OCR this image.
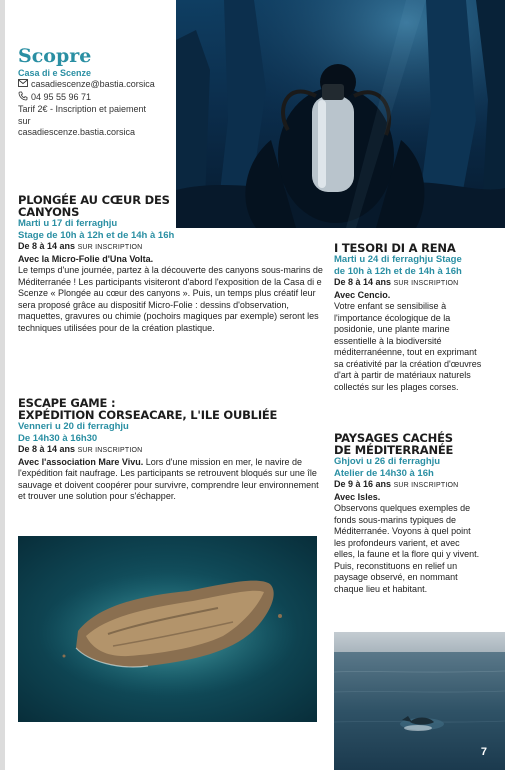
Scopre
Casa di e Scenze
casadiescenze@bastia.corsica
04 95 55 96 71
Tarif 2€ - Inscription et paiement
sur
casadiescenze.bastia.corsica
PLONGÉE AU CŒUR DES CANYONS
Marti u 17 di ferraghju
Stage de 10h à 12h et de 14h à 16h
De 8 à 14 ans SUR INSCRIPTION
Avec la Micro-Folie d'Una Volta.
Le temps d'une journée, partez à la découverte des canyons sous-marins de Méditerranée ! Les participants visiteront d'abord l'exposition de la Casa di e Scenze « Plongée au cœur des canyons ». Puis, un temps plus créatif leur sera proposé grâce au dispositif Micro-Folie : dessins d'observation, maquettes, gravures ou chimie (pochoirs magiques par exemple) seront les techniques utilisées pour de la création plastique.
ESCAPE GAME :
EXPÉDITION CORSEACARE, L'ILE OUBLIÉE
Venneri u 20 di ferraghju
De 14h30 à 16h30
De 8 à 14 ans SUR INSCRIPTION
Avec l'association Mare Vivu. Lors d'une mission en mer, le navire de l'expédition fait naufrage. Les participants se retrouvent bloqués sur une île sauvage et doivent coopérer pour survivre, comprendre leur environnement et trouver une solution pour s'échapper.
I TESORI DI A RENA
Marti u 24 di ferraghju Stage
de 10h à 12h et de 14h à 16h
De 8 à 14 ans SUR INSCRIPTION
Avec Cencio.
Votre enfant se sensibilise à l'importance écologique de la posidonie, une plante marine essentielle à la biodiversité méditerranéenne, tout en exprimant sa créativité par la création d'œuvres d'art à partir de matériaux naturels collectés sur les plages corses.
PAYSAGES CACHÉS
DE MÉDITERRANÉE
Ghjovi u 26 di ferraghju
Atelier de 14h30 à 16h
De 9 à 16 ans SUR INSCRIPTION
Avec Isles.
Observons quelques exemples de fonds sous-marins typiques de Méditerranée. Voyons à quel point les profondeurs varient, et avec elles, la faune et la flore qui y vivent. Puis, reconstituons en relief un paysage observé, en nommant chaque lieu et habitant.
7
